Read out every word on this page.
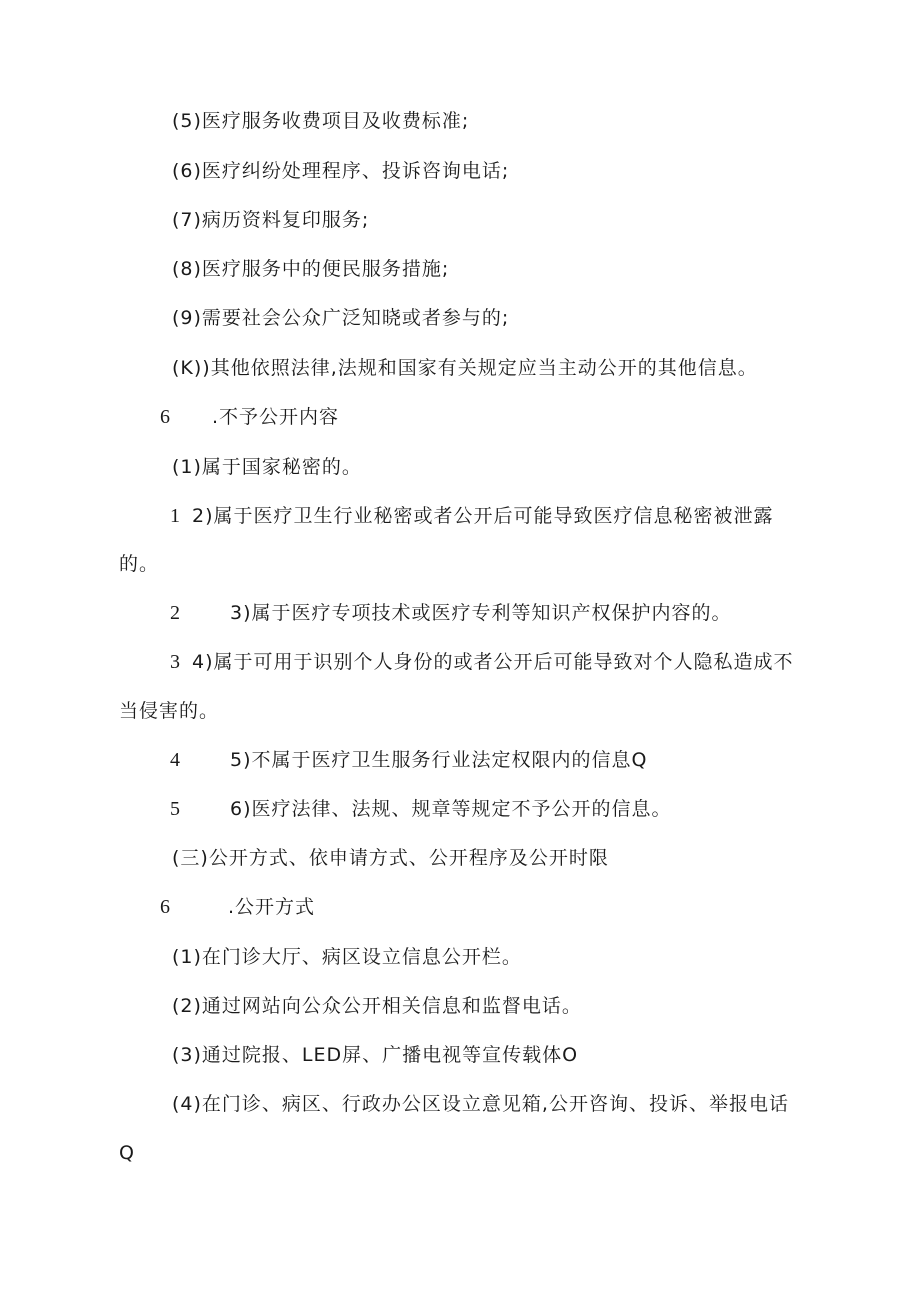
(5)医疗服务收费项目及收费标准;
(6)医疗纠纷处理程序、投诉咨询电话;
(7)病历资料复印服务;
(8)医疗服务中的便民服务措施;
(9)需要社会公众广泛知晓或者参与的;
(K))其他依照法律,法规和国家有关规定应当主动公开的其他信息。
6 .不予公开内容
(1)属于国家秘密的。
1 2)属于医疗卫生行业秘密或者公开后可能导致医疗信息秘密被泄露
的。
2	3)属于医疗专项技术或医疗专利等知识产权保护内容的。
3 4)属于可用于识别个人身份的或者公开后可能导致对个人隐私造成不
当侵害的。
4	5)不属于医疗卫生服务行业法定权限内的信息Q
5	6)医疗法律、法规、规章等规定不予公开的信息。
(三)公开方式、依申请方式、公开程序及公开时限
6	.公开方式
(1)在门诊大厅、病区设立信息公开栏。
(2)通过网站向公众公开相关信息和监督电话。
(3)通过院报、LED屏、广播电视等宣传载体O
(4)在门诊、病区、行政办公区设立意见箱,公开咨询、投诉、举报电话
Q
